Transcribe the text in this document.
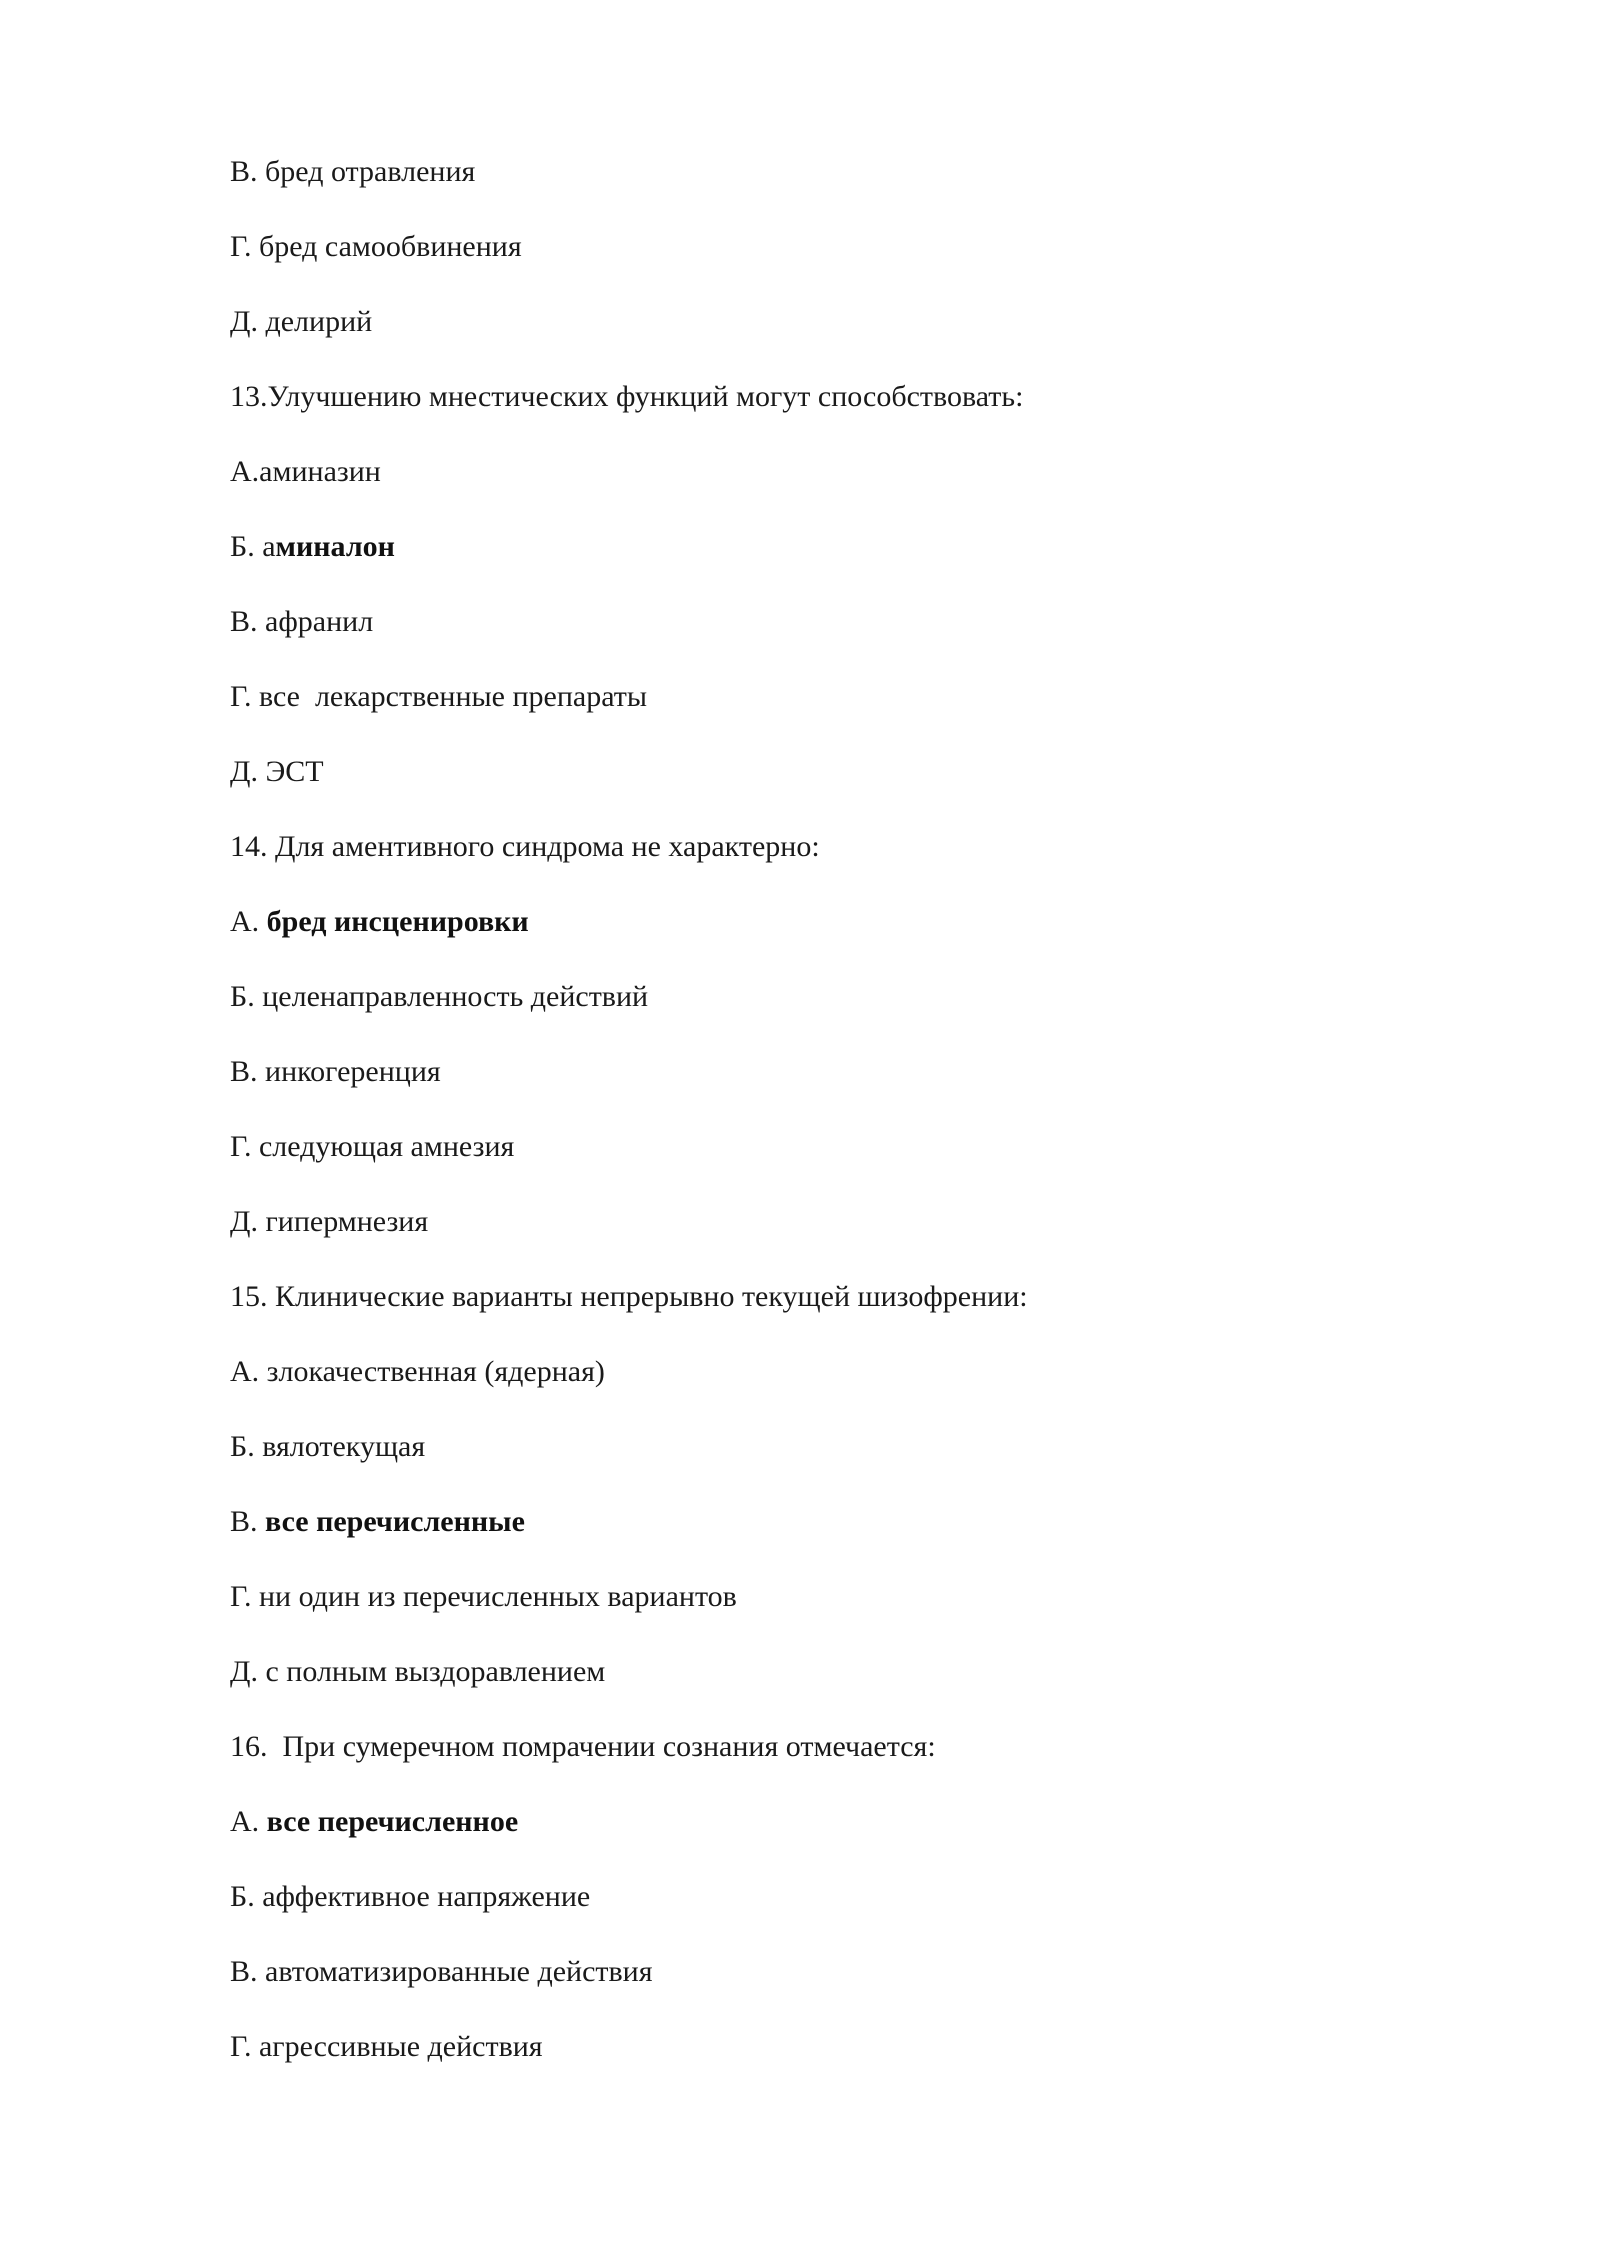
В. бред отравления
Г. бред самообвинения
Д. делирий
13.Улучшению мнестических функций могут способствовать:
А.аминазин
Б. аминалон
В. афранил
Г. все  лекарственные препараты
Д. ЭСТ
14. Для аментивного синдрома не характерно:
А. бред инсценировки
Б. целенаправленность действий
В. инкогеренция
Г. следующая амнезия
Д. гипермнезия
15. Клинические варианты непрерывно текущей шизофрении:
А. злокачественная (ядерная)
Б. вялотекущая
В. все перечисленные
Г. ни один из перечисленных вариантов
Д. с полным выздоравлением
16.  При сумеречном помрачении сознания отмечается:
А. все перечисленное
Б. аффективное напряжение
В. автоматизированные действия
Г. агрессивные действия
